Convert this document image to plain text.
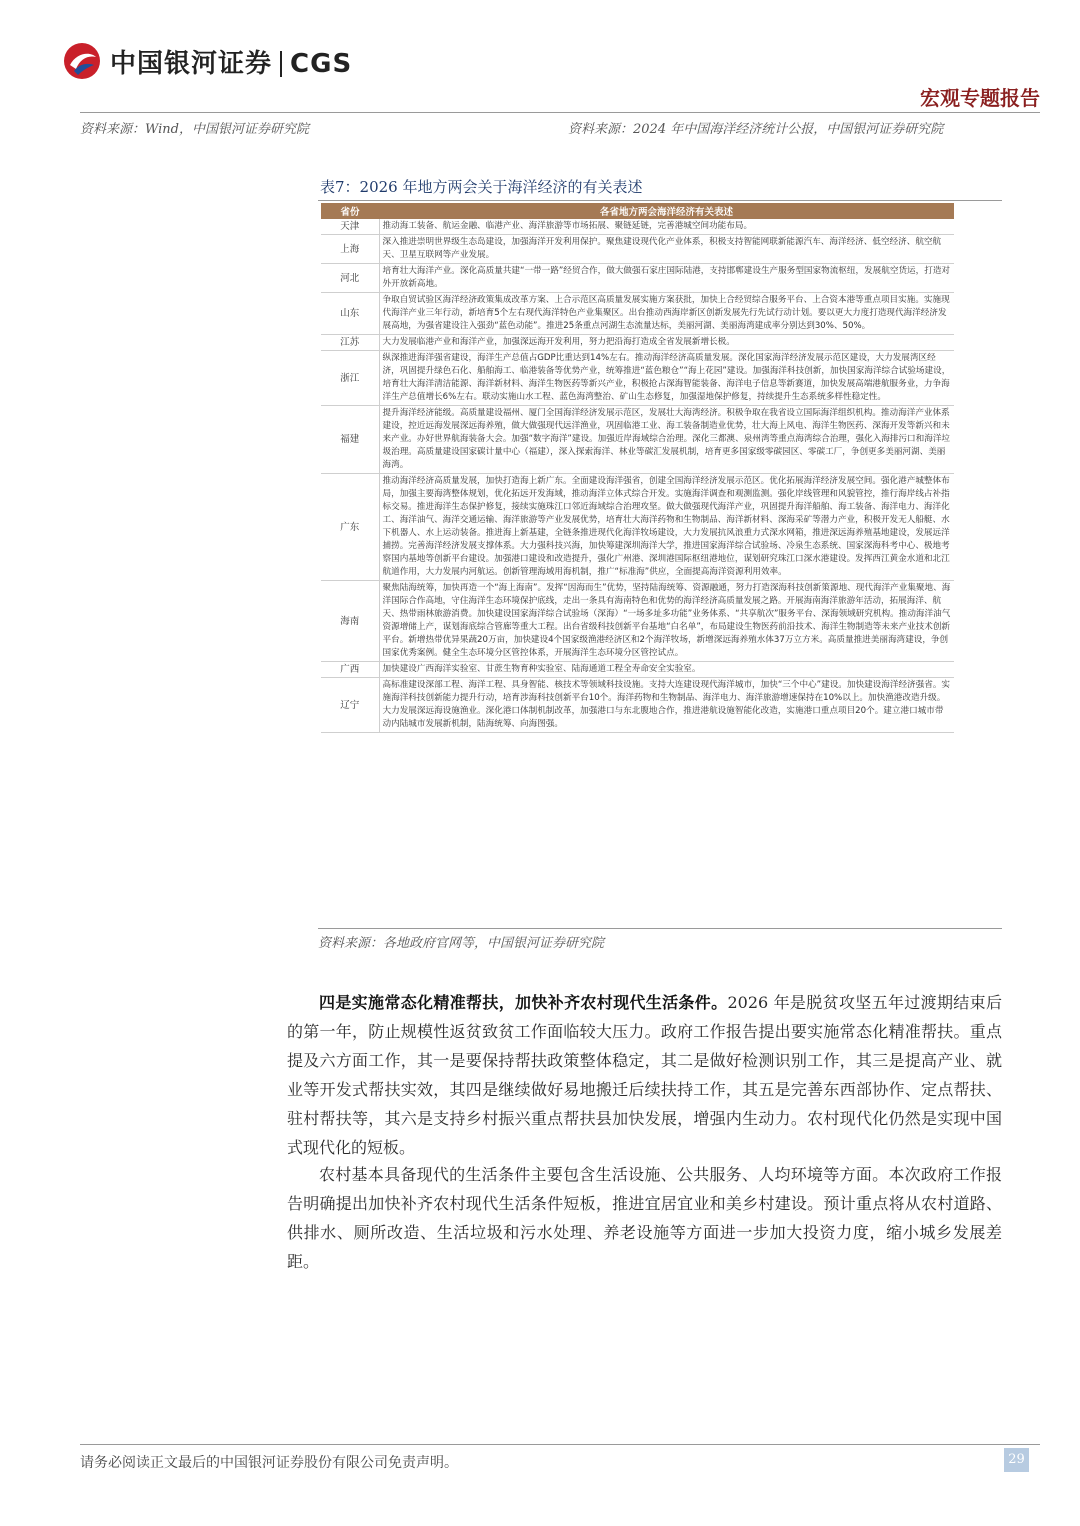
中国银河证券 CGS
宏观专题报告
资料来源：Wind，中国银河证券研究院	资料来源：2024 年中国海洋经济统计公报，中国银河证券研究院
表7：2026 年地方两会关于海洋经济的有关表述
省份	各省地方两会海洋经济有关表述
天津	推动海工装备、航运金融、临港产业、海洋旅游等市场拓展、聚链延链，完善港城空间功能布局。
上海	深入推进崇明世界级生态岛建设，加强海洋开发利用保护。聚焦建设现代化产业体系，积极支持智能网联新能源汽车、海洋经济、低空经济、航空航天、卫星互联网等产业发展。
河北	培育壮大海洋产业。深化高质量共建“一带一路”经贸合作，做大做强石家庄国际陆港，支持邯郸建设生产服务型国家物流枢纽，发展航空货运，打造对外开放新高地。
山东	争取自贸试验区海洋经济政策集成改革方案、上合示范区高质量发展实施方案获批，加快上合经贸综合服务平台、上合资本港等重点项目实施。实施现代海洋产业三年行动，新培育5个左右现代海洋特色产业集聚区。出台推动西海岸新区创新发展先行先试行动计划。要以更大力度打造现代海洋经济发展高地，为强省建设注入强劲“蓝色动能”。推进25条重点河湖生态流量达标，美丽河湖、美丽海湾建成率分别达到30%、50%。
江苏	大力发展临港产业和海洋产业，加强深远海开发利用，努力把沿海打造成全省发展新增长极。
浙江	纵深推进海洋强省建设，海洋生产总值占GDP比重达到14%左右。推动海洋经济高质量发展。深化国家海洋经济发展示范区建设，大力发展湾区经济，巩固提升绿色石化、船舶海工、临港装备等优势产业，统筹推进“蓝色粮仓”“海上花园”建设。加强海洋科技创新，加快国家海洋综合试验场建设，培育壮大海洋清洁能源、海洋新材料、海洋生物医药等新兴产业，积极抢占深海智能装备、海洋电子信息等新赛道，加快发展高端港航服务业，力争海洋生产总值增长6%左右。联动实施山水工程、蓝色海湾整治、矿山生态修复，加强湿地保护修复，持续提升生态系统多样性稳定性。
福建	提升海洋经济能级。高质量建设福州、厦门全国海洋经济发展示范区，发展壮大海湾经济。积极争取在我省设立国际海洋组织机构。推动海洋产业体系建设，控近远海发展深远海养殖，做大做强现代远洋渔业，巩固临港工业、海工装备制造业优势，壮大海上风电、海洋生物医药、深海开发等新兴和未来产业。办好世界航海装备大会。加强“数字海洋”建设。加强近岸海域综合治理。深化三都澳、泉州湾等重点海湾综合治理，强化入海排污口和海洋垃圾治理。高质量建设国家碳计量中心（福建），深入探索海洋、林业等碳汇发展机制，培育更多国家级零碳园区、零碳工厂，争创更多美丽河湖、美丽海湾。
广东	推动海洋经济高质量发展，加快打造海上新广东。全面建设海洋强省，创建全国海洋经济发展示范区。优化拓展海洋经济发展空间。强化港产城整体布局，加强主要海湾整体规划，优化拓远开发海域，推动海洋立体式综合开发。实施海洋调查和观测监测。强化岸线管理和风貌管控，推行海岸线占补指标交易。推进海洋生态保护修复，接续实施珠江口邻近海域综合治理攻坚。做大做强现代海洋产业，巩固提升海洋船舶、海工装备、海洋电力、海洋化工、海洋油气、海洋交通运输、海洋旅游等产业发展优势，培育壮大海洋药物和生物制品、海洋新材料、深海采矿等潜力产业，积极开发无人船艇、水下机器人、水上运动装备。推进海上新基建，全链条推进现代化海洋牧场建设，大力发展抗风浪重力式深水网箱，推进深远海养殖基地建设，发展远洋捕捞。完善海洋经济发展支撑体系。大力强科技兴海，加快筹建深圳海洋大学，推进国家海洋综合试验场、冷泉生态系统、国家深海科考中心、极地考察国内基地等创新平台建设。加强港口建设和改造提升，强化广州港、深圳港国际枢纽港地位，谋划研究珠江口深水港建设。发挥西江黄金水道和北江航道作用，大力发展内河航运。创新管理海域用海机制，推广“标准海”供应，全面提高海洋资源利用效率。
海南	聚焦陆海统筹，加快再造一个“海上海南”。发挥“因海而生”优势，坚持陆海统筹、资源融通，努力打造深海科技创新策源地、现代海洋产业集聚地、海洋国际合作高地，守住海洋生态环境保护底线，走出一条具有海南特色和优势的海洋经济高质量发展之路。开展海南海洋旅游年活动，拓展海洋、航天、热带雨林旅游消费。加快建设国家海洋综合试验场（深海）“一场多址多功能”业务体系、“共享航次”服务平台、深海领域研究机构。推动海洋油气资源增储上产，谋划海底综合管廊等重大工程。出台省级科技创新平台基地“白名单”，布局建设生物医药前沿技术、海洋生物制造等未来产业技术创新平台。新增热带优异果蔬20万亩，加快建设4个国家级渔港经济区和2个海洋牧场，新增深远海养殖水体37万立方米。高质量推进美丽海湾建设，争创国家优秀案例。健全生态环境分区管控体系，开展海洋生态环境分区管控试点。
广西	加快建设广西海洋实验室、甘蔗生物育种实验室、陆海通道工程全寿命安全实验室。
辽宁	高标准建设深部工程、海洋工程、具身智能、核技术等领域科技设施。支持大连建设现代海洋城市，加快“三个中心”建设。加快建设海洋经济强省。实施海洋科技创新能力提升行动，培育涉海科技创新平台10个。海洋药物和生物制品、海洋电力、海洋旅游增速保持在10%以上。加快渔港改造升级。大力发展深远海设施渔业。深化港口体制机制改革，加强港口与东北腹地合作，推进港航设施智能化改造，实施港口重点项目20个。建立港口城市带动内陆城市发展新机制，陆海统筹、向海图强。
资料来源：各地政府官网等，中国银河证券研究院
四是实施常态化精准帮扶，加快补齐农村现代生活条件。2026 年是脱贫攻坚五年过渡期结束后的第一年，防止规模性返贫致贫工作面临较大压力。政府工作报告提出要实施常态化精准帮扶。重点提及六方面工作，其一是要保持帮扶政策整体稳定，其二是做好检测识别工作，其三是提高产业、就业等开发式帮扶实效，其四是继续做好易地搬迁后续扶持工作，其五是完善东西部协作、定点帮扶、驻村帮扶等，其六是支持乡村振兴重点帮扶县加快发展，增强内生动力。农村现代化仍然是实现中国式现代化的短板。
农村基本具备现代的生活条件主要包含生活设施、公共服务、人均环境等方面。本次政府工作报告明确提出加快补齐农村现代生活条件短板，推进宜居宜业和美乡村建设。预计重点将从农村道路、供排水、厕所改造、生活垃圾和污水处理、养老设施等方面进一步加大投资力度，缩小城乡发展差距。
请务必阅读正文最后的中国银河证券股份有限公司免责声明。	29
